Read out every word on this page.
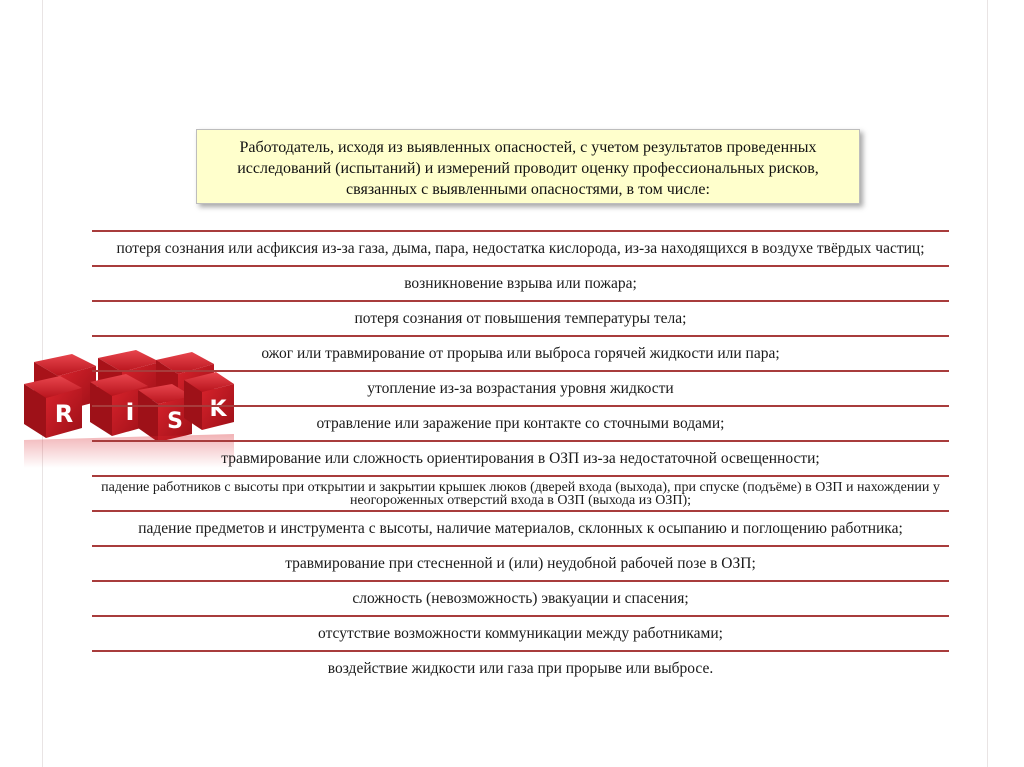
Работодатель, исходя из выявленных опасностей, с учетом результатов проведенных исследований (испытаний) и измерений проводит оценку профессиональных рисков, связанных с выявленными опасностями, в том числе:
R I S K
потеря сознания или асфиксия из-за газа, дыма, пара, недостатка кислорода, из-за находящихся в воздухе твёрдых частиц;
возникновение взрыва или пожара;
потеря сознания от повышения температуры тела;
ожог или травмирование от прорыва или выброса горячей жидкости или пара;
утопление из-за возрастания уровня жидкости
отравление или заражение при контакте со сточными водами;
травмирование или сложность ориентирования в ОЗП из-за недостаточной освещенности;
падение работников с высоты при открытии и закрытии крышек люков (дверей входа (выхода), при спуске (подъёме) в ОЗП и нахождении у неогороженных отверстий входа в ОЗП (выхода из ОЗП);
падение предметов и инструмента с высоты, наличие материалов, склонных к осыпанию и поглощению работника;
травмирование при стесненной и (или) неудобной рабочей позе в ОЗП;
сложность (невозможность) эвакуации и спасения;
отсутствие возможности коммуникации между работниками;
воздействие жидкости или газа при прорыве или выбросе.
